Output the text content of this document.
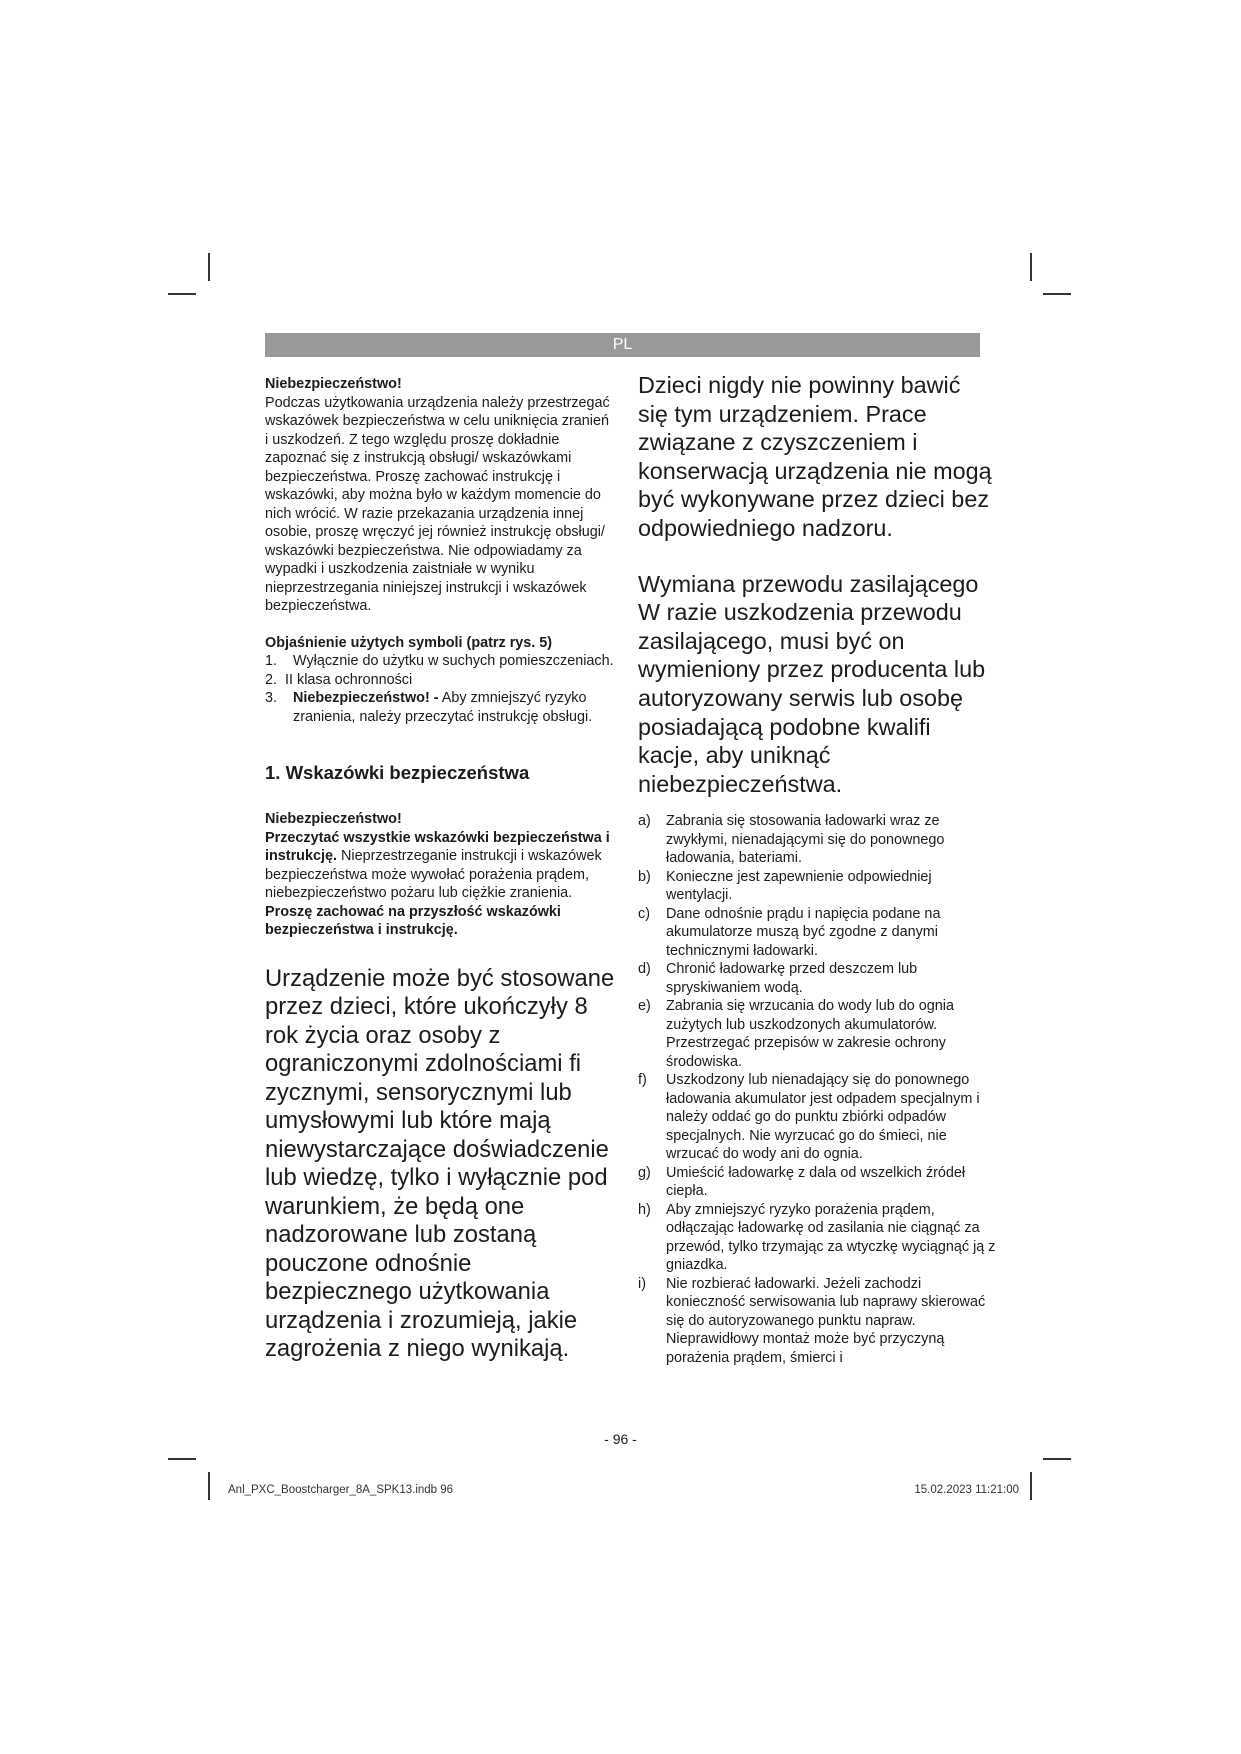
PL

Niebezpieczeństwo!

Podczas użytkowania urządzenia należy przestrzegać wskazówek bezpieczeństwa w celu uniknięcia zranień i uszkodzeń. Z tego względu proszę dokładnie zapoznać się z instrukcją obsługi/ wskazówkami bezpieczeństwa. Proszę zachować instrukcję i wskazówki, aby można było w każdym momencie do nich wrócić. W razie przekazania urządzenia innej osobie, proszę wręczyć jej również instrukcję obsługi/ wskazówki bezpieczeństwa. Nie odpowiadamy za wypadki i uszkodzenia zaistniałe w wyniku nieprzestrzegania niniejszej instrukcji i wskazówek bezpieczeństwa.

Objaśnienie użytych symboli (patrz rys. 5)

1. Wyłącznie do użytku w suchych pomieszczeniach.
2. II klasa ochronności
3. Niebezpieczeństwo! - Aby zmniejszyć ryzyko zranienia, należy przeczytać instrukcję obsługi.

1. Wskazówki bezpieczeństwa

Niebezpieczeństwo!

Przeczytać wszystkie wskazówki bezpieczeństwa i instrukcję. Nieprzestrzeganie instrukcji i wskazówek bezpieczeństwa może wywołać porażenia prądem, niebezpieczeństwo pożaru lub ciężkie zranienia. Proszę zachować na przyszłość wskazówki bezpieczeństwa i instrukcję.

Urządzenie może być stosowane przez dzieci, które ukończyły 8 rok życia oraz osoby z ograniczonymi zdolnościami fi zycznymi, sensorycznymi lub umysłowymi lub które mają niewystarczające doświadczenie lub wiedzę, tylko i wyłącznie pod warunkiem, że będą one nadzorowane lub zostaną pouczone odnośnie bezpiecznego użytkowania urządzenia i zrozumieją, jakie zagrożenia z niego wynikają.

Dzieci nigdy nie powinny bawić się tym urządzeniem. Prace związane z czyszczeniem i konserwacją urządzenia nie mogą być wykonywane przez dzieci bez odpowiedniego nadzoru.

Wymiana przewodu zasilającego

W razie uszkodzenia przewodu zasilającego, musi być on wymieniony przez producenta lub autoryzowany serwis lub osobę posiadającą podobne kwalifi kacje, aby uniknąć niebezpieczeństwa.

a) Zabrania się stosowania ładowarki wraz ze zwykłymi, nienadającymi się do ponownego ładowania, bateriami.
b) Konieczne jest zapewnienie odpowiedniej wentylacji.
c) Dane odnośnie prądu i napięcia podane na akumulatorze muszą być zgodne z danymi technicznymi ładowarki.
d) Chronić ładowarkę przed deszczem lub spryskiwaniem wodą.
e) Zabrania się wrzucania do wody lub do ognia zużytych lub uszkodzonych akumulatorów. Przestrzegać przepisów w zakresie ochrony środowiska.
f) Uszkodzony lub nienadający się do ponownego ładowania akumulator jest odpadem specjalnym i należy oddać go do punktu zbiórki odpadów specjalnych. Nie wyrzucać go do śmieci, nie wrzucać do wody ani do ognia.
g) Umieścić ładowarkę z dala od wszelkich źródeł ciepła.
h) Aby zmniejszyć ryzyko porażenia prądem, odłączając ładowarkę od zasilania nie ciągnąć za przewód, tylko trzymając za wtyczkę wyciągnąć ją z gniazdka.
i) Nie rozbierać ładowarki. Jeżeli zachodzi konieczność serwisowania lub naprawy skierować się do autoryzowanego punktu napraw. Nieprawidłowy montaż może być przyczyną porażenia prądem, śmierci i
- 96 -
Anl_PXC_Boostcharger_8A_SPK13.indb 96	15.02.2023 11:21:00
